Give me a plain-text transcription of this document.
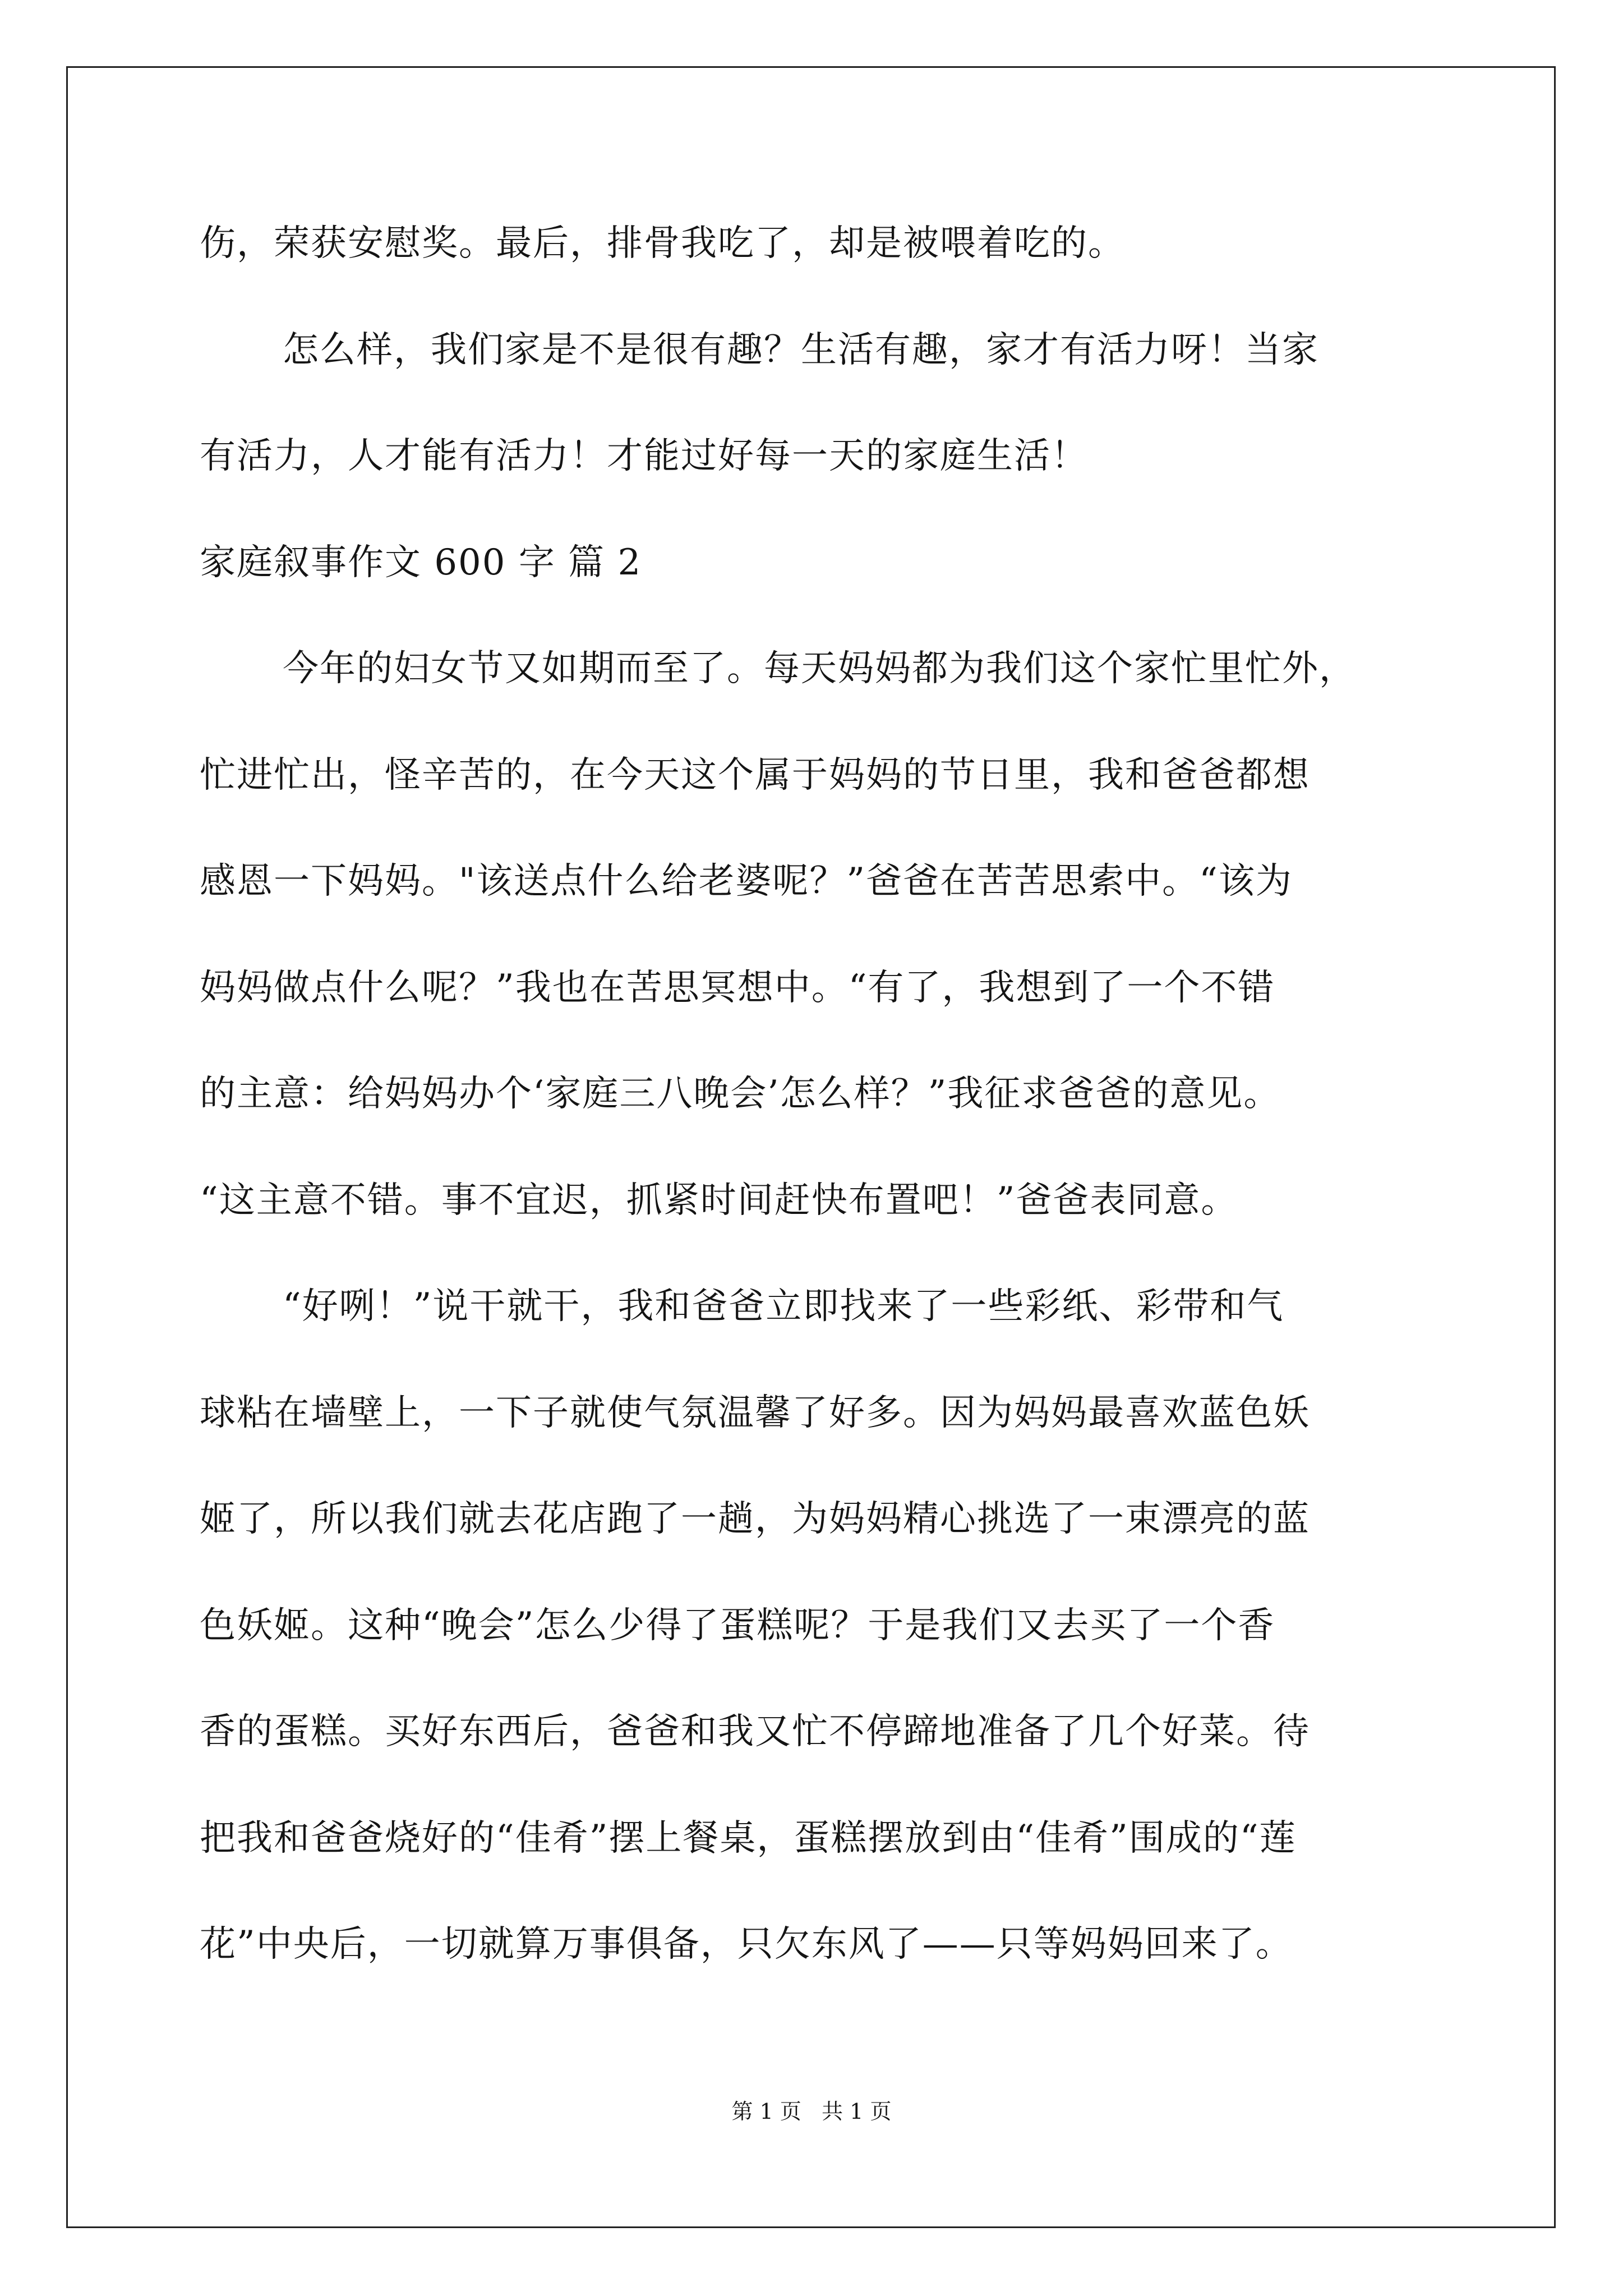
伤，荣获安慰奖。最后，排骨我吃了，却是被喂着吃的。
怎么样，我们家是不是很有趣？生活有趣，家才有活力呀！当家
有活力，人才能有活力！才能过好每一天的家庭生活！
家庭叙事作文 600 字 篇 2
今年的妇女节又如期而至了。每天妈妈都为我们这个家忙里忙外，
忙进忙出，怪辛苦的，在今天这个属于妈妈的节日里，我和爸爸都想
感恩一下妈妈。"该送点什么给老婆呢？”爸爸在苦苦思索中。“该为
妈妈做点什么呢？”我也在苦思冥想中。“有了，我想到了一个不错
的主意：给妈妈办个‘家庭三八晚会’怎么样？”我征求爸爸的意见。
“这主意不错。事不宜迟，抓紧时间赶快布置吧！”爸爸表同意。
“好咧！”说干就干，我和爸爸立即找来了一些彩纸、彩带和气
球粘在墙壁上，一下子就使气氛温馨了好多。因为妈妈最喜欢蓝色妖
姬了，所以我们就去花店跑了一趟，为妈妈精心挑选了一束漂亮的蓝
色妖姬。这种“晚会”怎么少得了蛋糕呢？于是我们又去买了一个香
香的蛋糕。买好东西后，爸爸和我又忙不停蹄地准备了几个好菜。待
把我和爸爸烧好的“佳肴”摆上餐桌，蛋糕摆放到由“佳肴”围成的“莲
花”中央后，一切就算万事俱备，只欠东风了——只等妈妈回来了。
第 1 页   共 1 页
